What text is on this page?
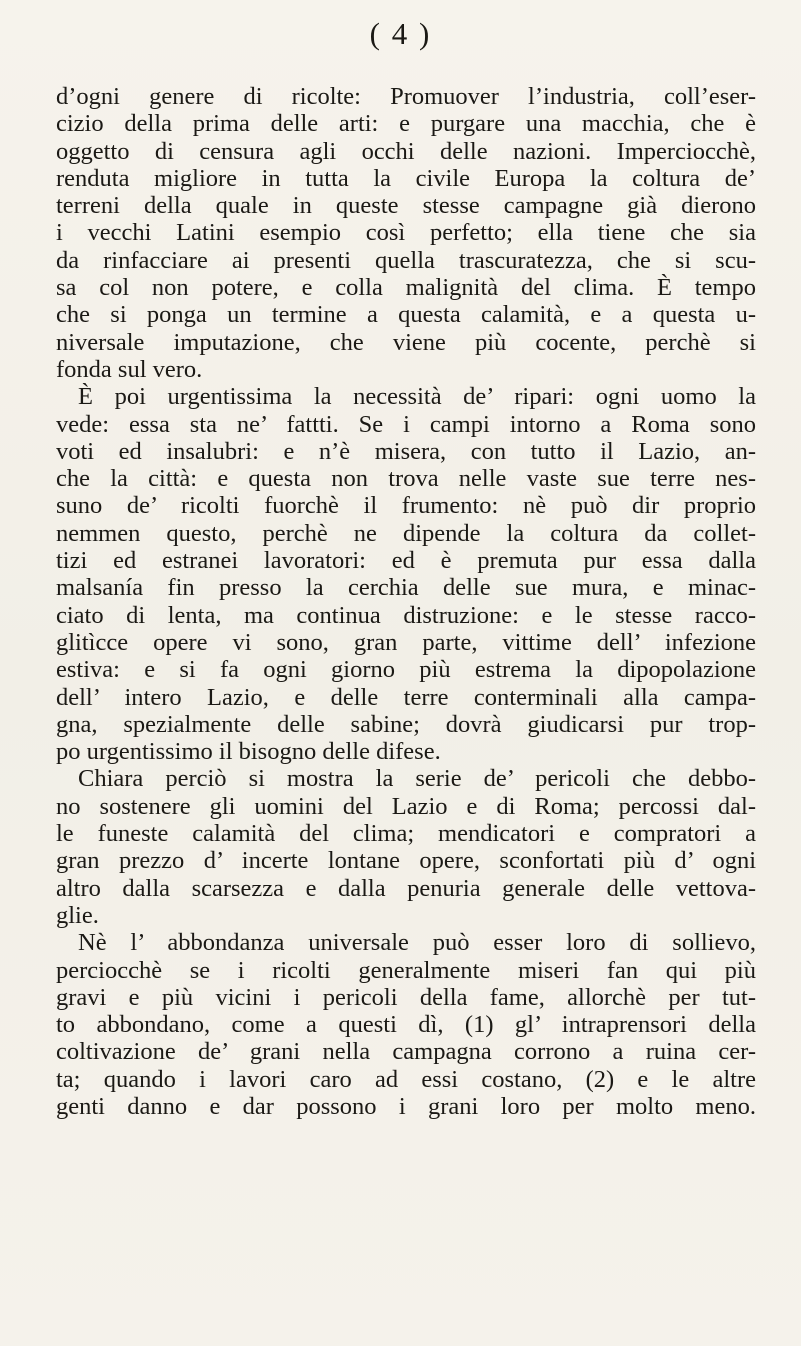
( 4 )
d’ogni genere di ricolte: Promuover l’industria, coll’eser-
cizio della prima delle arti: e purgare una macchia, che è
oggetto di censura agli occhi delle nazioni. Imperciocchè,
renduta migliore in tutta la civile Europa la coltura de’
terreni della quale in queste stesse campagne già dierono
i vecchi Latini esempio così perfetto; ella tiene che sia
da rinfacciare ai presenti quella trascuratezza, che si scu-
sa col non potere, e colla malignità del clima. È tempo
che si ponga un termine a questa calamità, e a questa u-
niversale imputazione, che viene più cocente, perchè si
fonda sul vero.
È poi urgentissima la necessità de’ ripari: ogni uomo la
vede: essa sta ne’ fattti. Se i campi intorno a Roma sono
voti ed insalubri: e n’è misera, con tutto il Lazio, an-
che la città: e questa non trova nelle vaste sue terre nes-
suno de’ ricolti fuorchè il frumento: nè può dir proprio
nemmen questo, perchè ne dipende la coltura da collet-
tizi ed estranei lavoratori: ed è premuta pur essa dalla
malsanía fin presso la cerchia delle sue mura, e minac-
ciato di lenta, ma continua distruzione: e le stesse racco-
glitìcce opere vi sono, gran parte, vittime dell’ infezione
estiva: e si fa ogni giorno più estrema la dipopolazione
dell’ intero Lazio, e delle terre conterminali alla campa-
gna, spezialmente delle sabine; dovrà giudicarsi pur trop-
po urgentissimo il bisogno delle difese.
Chiara perciò si mostra la serie de’ pericoli che debbo-
no sostenere gli uomini del Lazio e di Roma; percossi dal-
le funeste calamità del clima; mendicatori e compratori a
gran prezzo d’ incerte lontane opere, sconfortati più d’ ogni
altro dalla scarsezza e dalla penuria generale delle vettova-
glie.
Nè l’ abbondanza universale può esser loro di sollievo,
perciocchè se i ricolti generalmente miseri fan qui più
gravi e più vicini i pericoli della fame, allorchè per tut-
to abbondano, come a questi dì, (1) gl’ intraprensori della
coltivazione de’ grani nella campagna corrono a ruina cer-
ta; quando i lavori caro ad essi costano, (2) e le altre
genti danno e dar possono i grani loro per molto meno.
